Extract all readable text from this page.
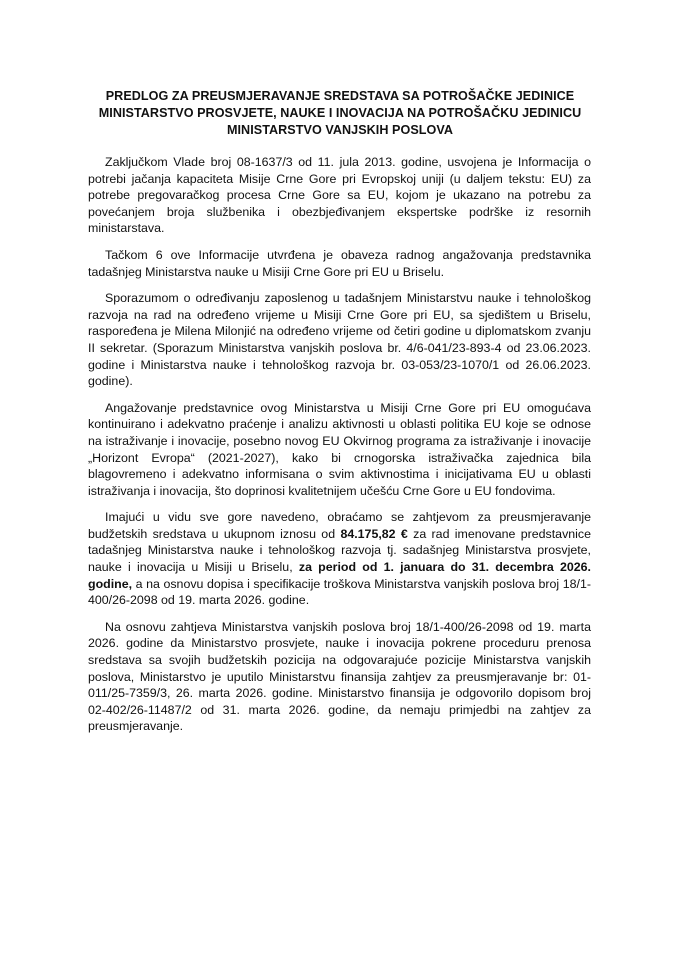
PREDLOG ZA PREUSMJERAVANJE SREDSTAVA SA POTROŠAČKE JEDINICE MINISTARSTVO PROSVJETE, NAUKE I INOVACIJA NA POTROŠAČKU JEDINICU MINISTARSTVO VANJSKIH POSLOVA

Zaključkom Vlade broj 08-1637/3 od 11. jula 2013. godine, usvojena je Informacija o potrebi jačanja kapaciteta Misije Crne Gore pri Evropskoj uniji (u daljem tekstu: EU) za potrebe pregovaračkog procesa Crne Gore sa EU, kojom je ukazano na potrebu za povećanjem broja službenika i obezbjeđivanjem ekspertske podrške iz resornih ministarstava.

Tačkom 6 ove Informacije utvrđena je obaveza radnog angažovanja predstavnika tadašnjeg Ministarstva nauke u Misiji Crne Gore pri EU u Briselu.

Sporazumom o određivanju zaposlenog u tadašnjem Ministarstvu nauke i tehnološkog razvoja na rad na određeno vrijeme u Misiji Crne Gore pri EU, sa sjedištem u Briselu, raspoređena je Milena Milonjić na određeno vrijeme od četiri godine u diplomatskom zvanju II sekretar. (Sporazum Ministarstva vanjskih poslova br. 4/6-041/23-893-4 od 23.06.2023. godine i Ministarstva nauke i tehnološkog razvoja br. 03-053/23-1070/1 od 26.06.2023. godine).

Angažovanje predstavnice ovog Ministarstva u Misiji Crne Gore pri EU omogućava kontinuirano i adekvatno praćenje i analizu aktivnosti u oblasti politika EU koje se odnose na istraživanje i inovacije, posebno novog EU Okvirnog programa za istraživanje i inovacije „Horizont Evropa“ (2021-2027), kako bi crnogorska istraživačka zajednica bila blagovremeno i adekvatno informisana o svim aktivnostima i inicijativama EU u oblasti istraživanja i inovacija, što doprinosi kvalitetnijem učešću Crne Gore u EU fondovima.

Imajući u vidu sve gore navedeno, obraćamo se zahtjevom za preusmjeravanje budžetskih sredstava u ukupnom iznosu od 84.175,82 € za rad imenovane predstavnice tadašnjeg Ministarstva nauke i tehnološkog razvoja tj. sadašnjeg Ministarstva prosvjete, nauke i inovacija u Misiji u Briselu, za period od 1. januara do 31. decembra 2026. godine, a na osnovu dopisa i specifikacije troškova Ministarstva vanjskih poslova broj 18/1-400/26-2098 od 19. marta 2026. godine.

Na osnovu zahtjeva Ministarstva vanjskih poslova broj 18/1-400/26-2098 od 19. marta 2026. godine da Ministarstvo prosvjete, nauke i inovacija pokrene proceduru prenosa sredstava sa svojih budžetskih pozicija na odgovarajuće pozicije Ministarstva vanjskih poslova, Ministarstvo je uputilo Ministarstvu finansija zahtjev za preusmjeravanje br: 01-011/25-7359/3, 26. marta 2026. godine. Ministarstvo finansija je odgovorilo dopisom broj 02-402/26-11487/2 od 31. marta 2026. godine, da nemaju primjedbi na zahtjev za preusmjeravanje.
